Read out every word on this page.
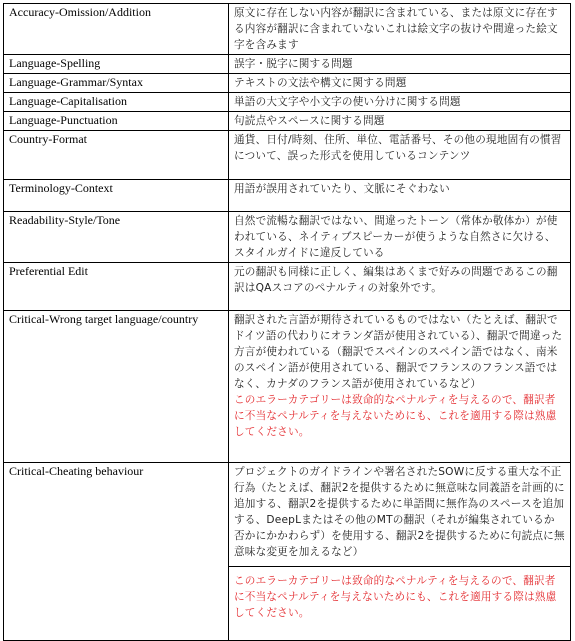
Accuracy-Omission/Addition	原文に存在しない内容が翻訳に含まれている、または原文に存在する内容が翻訳に含まれていないこれは絵文字の抜けや間違った絵文字を含みます
Language-Spelling	誤字・脱字に関する問題
Language-Grammar/Syntax	テキストの文法や構文に関する問題
Language-Capitalisation	単語の大文字や小文字の使い分けに関する問題
Language-Punctuation	句読点やスペースに関する問題
Country-Format	通貨、日付/時刻、住所、単位、電話番号、その他の現地固有の慣習について、誤った形式を使用しているコンテンツ
Terminology-Context	用語が誤用されていたり、文脈にそぐわない
Readability-Style/Tone	自然で流暢な翻訳ではない、間違ったトーン（常体か敬体か）が使われている、ネイティブスピーカーが使うような自然さに欠ける、スタイルガイドに違反している
Preferential Edit	元の翻訳も同様に正しく、編集はあくまで好みの問題であるこの翻訳はQAスコアのペナルティの対象外です。
Critical-Wrong target language/country	翻訳された言語が期待されているものではない（たとえば、翻訳でドイツ語の代わりにオランダ語が使用されている）、翻訳で間違った方言が使われている（翻訳でスペインのスペイン語ではなく、南米のスペイン語が使用されている、翻訳でフランスのフランス語ではなく、カナダのフランス語が使用されているなど）
このエラーカテゴリーは致命的なペナルティを与えるので、翻訳者に不当なペナルティを与えないためにも、これを適用する際は熟慮してください。

Critical-Cheating behaviour	プロジェクトのガイドラインや署名されたSOWに反する重大な不正行為（たとえば、翻訳2を提供するために無意味な同義語を計画的に追加する、翻訳2を提供するために単語間に無作為のスペースを追加する、DeepLまたはその他のMTの翻訳（それが編集されているか否かにかかわらず）を使用する、翻訳2を提供するために句読点に無意味な変更を加えるなど）
このエラーカテゴリーは致命的なペナルティを与えるので、翻訳者に不当なペナルティを与えないためにも、これを適用する際は熟慮してください。
